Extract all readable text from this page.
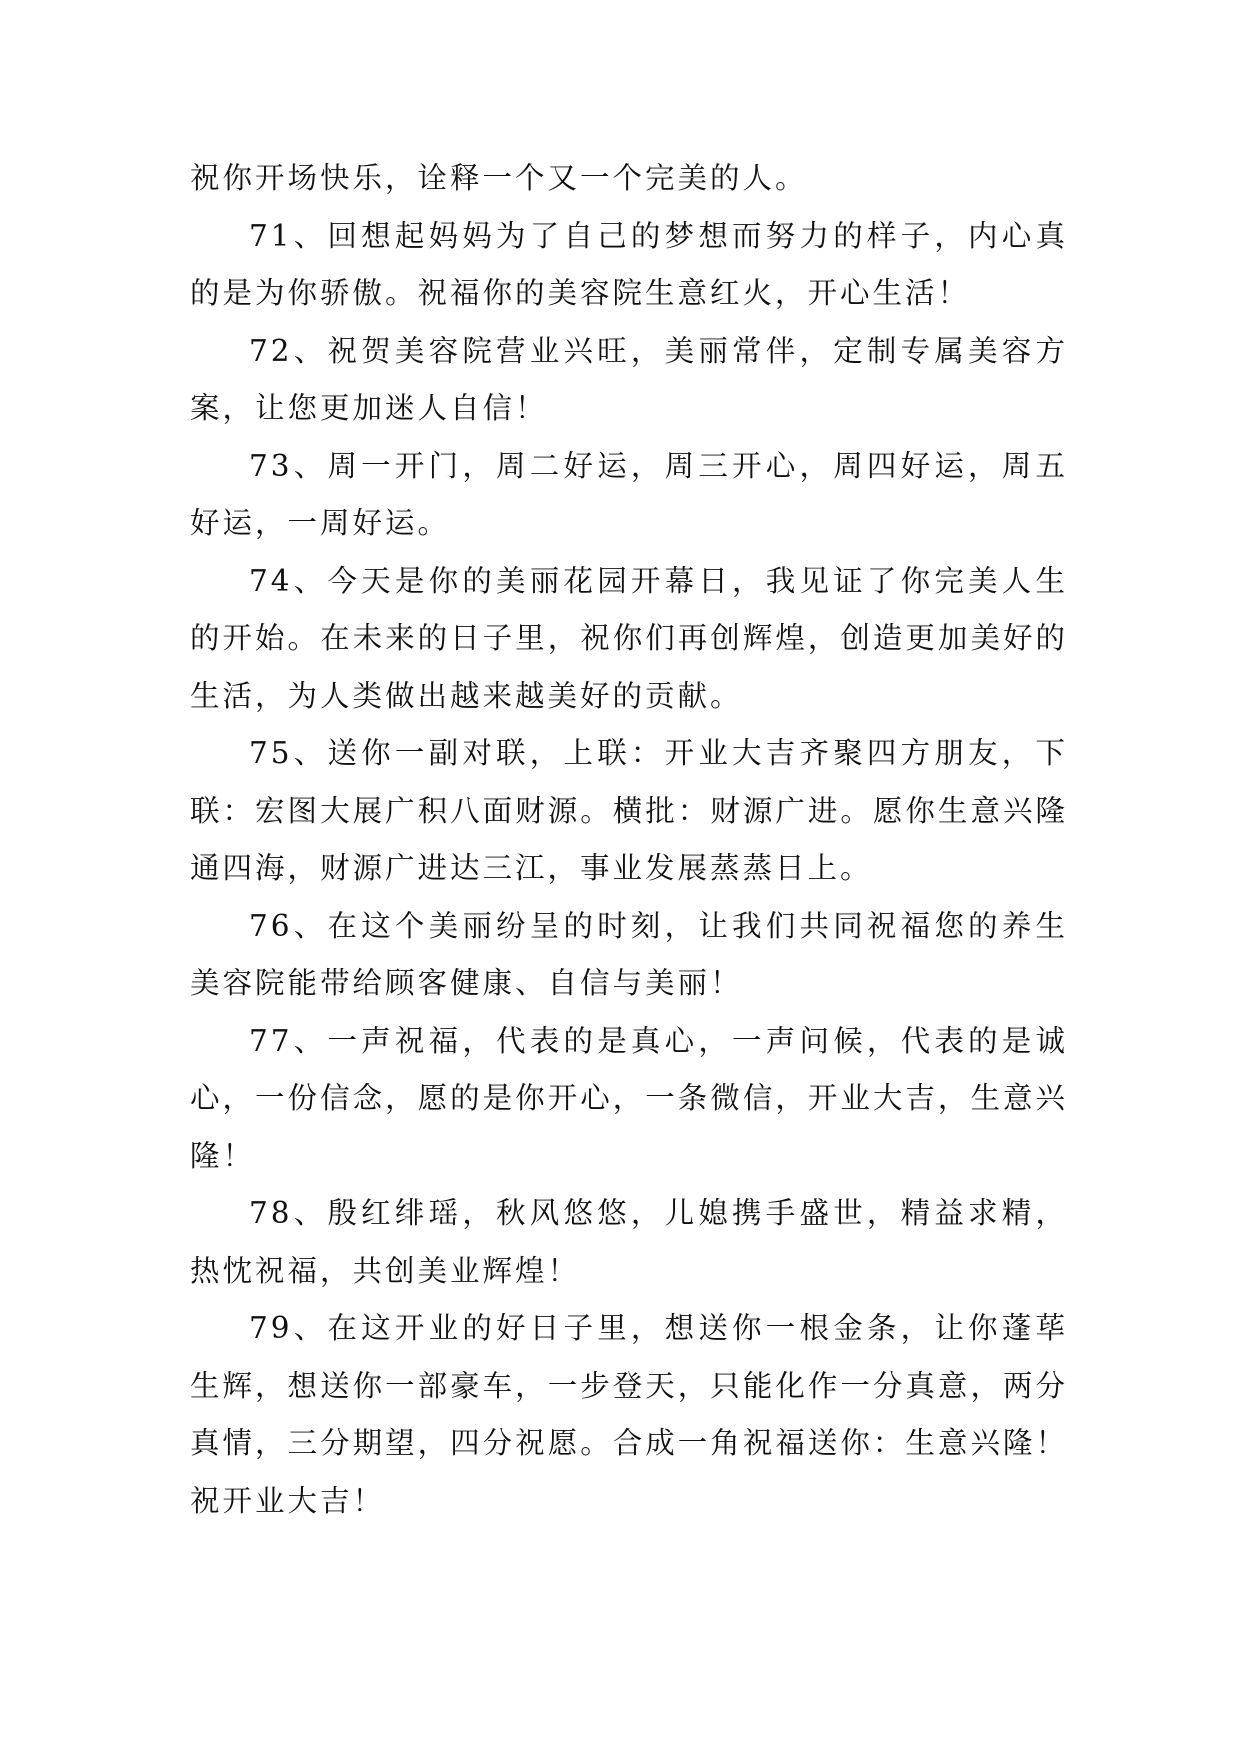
祝你开场快乐，诠释一个又一个完美的人。

71、回想起妈妈为了自己的梦想而努力的样子，内心真的是为你骄傲。祝福你的美容院生意红火，开心生活！

72、祝贺美容院营业兴旺，美丽常伴，定制专属美容方案，让您更加迷人自信！

73、周一开门，周二好运，周三开心，周四好运，周五好运，一周好运。

74、今天是你的美丽花园开幕日，我见证了你完美人生的开始。在未来的日子里，祝你们再创辉煌，创造更加美好的生活，为人类做出越来越美好的贡献。

75、送你一副对联，上联：开业大吉齐聚四方朋友，下联：宏图大展广积八面财源。横批：财源广进。愿你生意兴隆通四海，财源广进达三江，事业发展蒸蒸日上。

76、在这个美丽纷呈的时刻，让我们共同祝福您的养生美容院能带给顾客健康、自信与美丽！

77、一声祝福，代表的是真心，一声问候，代表的是诚心，一份信念，愿的是你开心，一条微信，开业大吉，生意兴隆！

78、殷红绯瑶，秋风悠悠，儿媳携手盛世，精益求精，热忱祝福，共创美业辉煌！

79、在这开业的好日子里，想送你一根金条，让你蓬荜生辉，想送你一部豪车，一步登天，只能化作一分真意，两分真情，三分期望，四分祝愿。合成一角祝福送你：生意兴隆！祝开业大吉！
